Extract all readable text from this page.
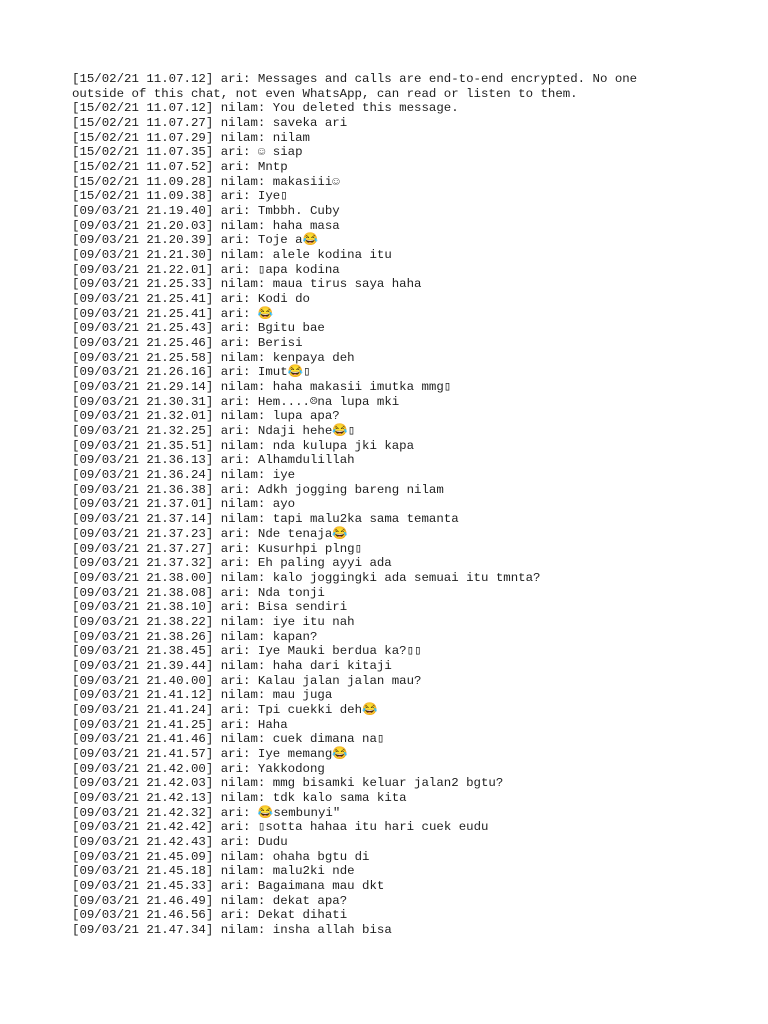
[ 15/02/21 11.07.12 ] ari : Messages and calls are end-to-end encrypted. No one outside of this chat, not even WhatsApp, can read or listen to them.
[ 15/02/21 11.07.12 ] nilam : You deleted this message.
[ 15/02/21 11.07.27 ] nilam : saveka ari
[ 15/02/21 11.07.29 ] nilam : nilam
[ 15/02/21 11.07.35 ] ari : ☺ siap
[ 15/02/21 11.07.52 ] ari : Mntp
[ 15/02/21 11.09.28 ] nilam : makasiii☺
[ 15/02/21 11.09.38 ] ari : Iye▯
[ 09/03/21 21.19.40 ] ari : Tmbbh. Cuby
[ 09/03/21 21.20.03 ] nilam : haha masa
[ 09/03/21 21.20.39 ] ari : Toje a😂
[ 09/03/21 21.21.30 ] nilam : alele kodina itu
[ 09/03/21 21.22.01 ] ari : ▯apa kodina
[ 09/03/21 21.25.33 ] nilam : maua tirus saya haha
[ 09/03/21 21.25.41 ] ari : Kodi do
[ 09/03/21 21.25.41 ] ari : 😂
[ 09/03/21 21.25.43 ] ari : Bgitu bae
[ 09/03/21 21.25.46 ] ari : Berisi
[ 09/03/21 21.25.58 ] nilam : kenpaya deh
[ 09/03/21 21.26.16 ] ari : Imut😂▯
[ 09/03/21 21.29.14 ] nilam : haha makasii imutka mmg▯
[ 09/03/21 21.30.31 ] ari : Hem....☹na lupa mki
[ 09/03/21 21.32.01 ] nilam : lupa apa?
[ 09/03/21 21.32.25 ] ari : Ndaji hehe😂▯
[ 09/03/21 21.35.51 ] nilam : nda kulupa jki kapa
[ 09/03/21 21.36.13 ] ari : Alhamdulillah
[ 09/03/21 21.36.24 ] nilam : iye
[ 09/03/21 21.36.38 ] ari : Adkh jogging bareng nilam
[ 09/03/21 21.37.01 ] nilam : ayo
[ 09/03/21 21.37.14 ] nilam : tapi malu2ka sama temanta
[ 09/03/21 21.37.23 ] ari : Nde tenaja😂
[ 09/03/21 21.37.27 ] ari : Kusurhpi plng▯
[ 09/03/21 21.37.32 ] ari : Eh paling ayyi ada
[ 09/03/21 21.38.00 ] nilam : kalo joggingki ada semuai itu tmnta?
[ 09/03/21 21.38.08 ] ari : Nda tonji
[ 09/03/21 21.38.10 ] ari : Bisa sendiri
[ 09/03/21 21.38.22 ] nilam : iye itu nah
[ 09/03/21 21.38.26 ] nilam : kapan?
[ 09/03/21 21.38.45 ] ari : Iye Mauki berdua ka?▯▯
[ 09/03/21 21.39.44 ] nilam : haha dari kitaji
[ 09/03/21 21.40.00 ] ari : Kalau jalan jalan mau?
[ 09/03/21 21.41.12 ] nilam : mau juga
[ 09/03/21 21.41.24 ] ari : Tpi cuekki deh😂
[ 09/03/21 21.41.25 ] ari : Haha
[ 09/03/21 21.41.46 ] nilam : cuek dimana na▯
[ 09/03/21 21.41.57 ] ari : Iye memang😂
[ 09/03/21 21.42.00 ] ari : Yakkodong
[ 09/03/21 21.42.03 ] nilam : mmg bisamki keluar jalan2 bgtu?
[ 09/03/21 21.42.13 ] nilam : tdk kalo sama kita
[ 09/03/21 21.42.32 ] ari : 😂sembunyi"
[ 09/03/21 21.42.42 ] ari : ▯sotta hahaa itu hari cuek eudu
[ 09/03/21 21.42.43 ] ari : Dudu
[ 09/03/21 21.45.09 ] nilam : ohaha bgtu di
[ 09/03/21 21.45.18 ] nilam : malu2ki nde
[ 09/03/21 21.45.33 ] ari : Bagaimana mau dkt
[ 09/03/21 21.46.49 ] nilam : dekat apa?
[ 09/03/21 21.46.56 ] ari : Dekat dihati
[ 09/03/21 21.47.34 ] nilam : insha allah bisa
